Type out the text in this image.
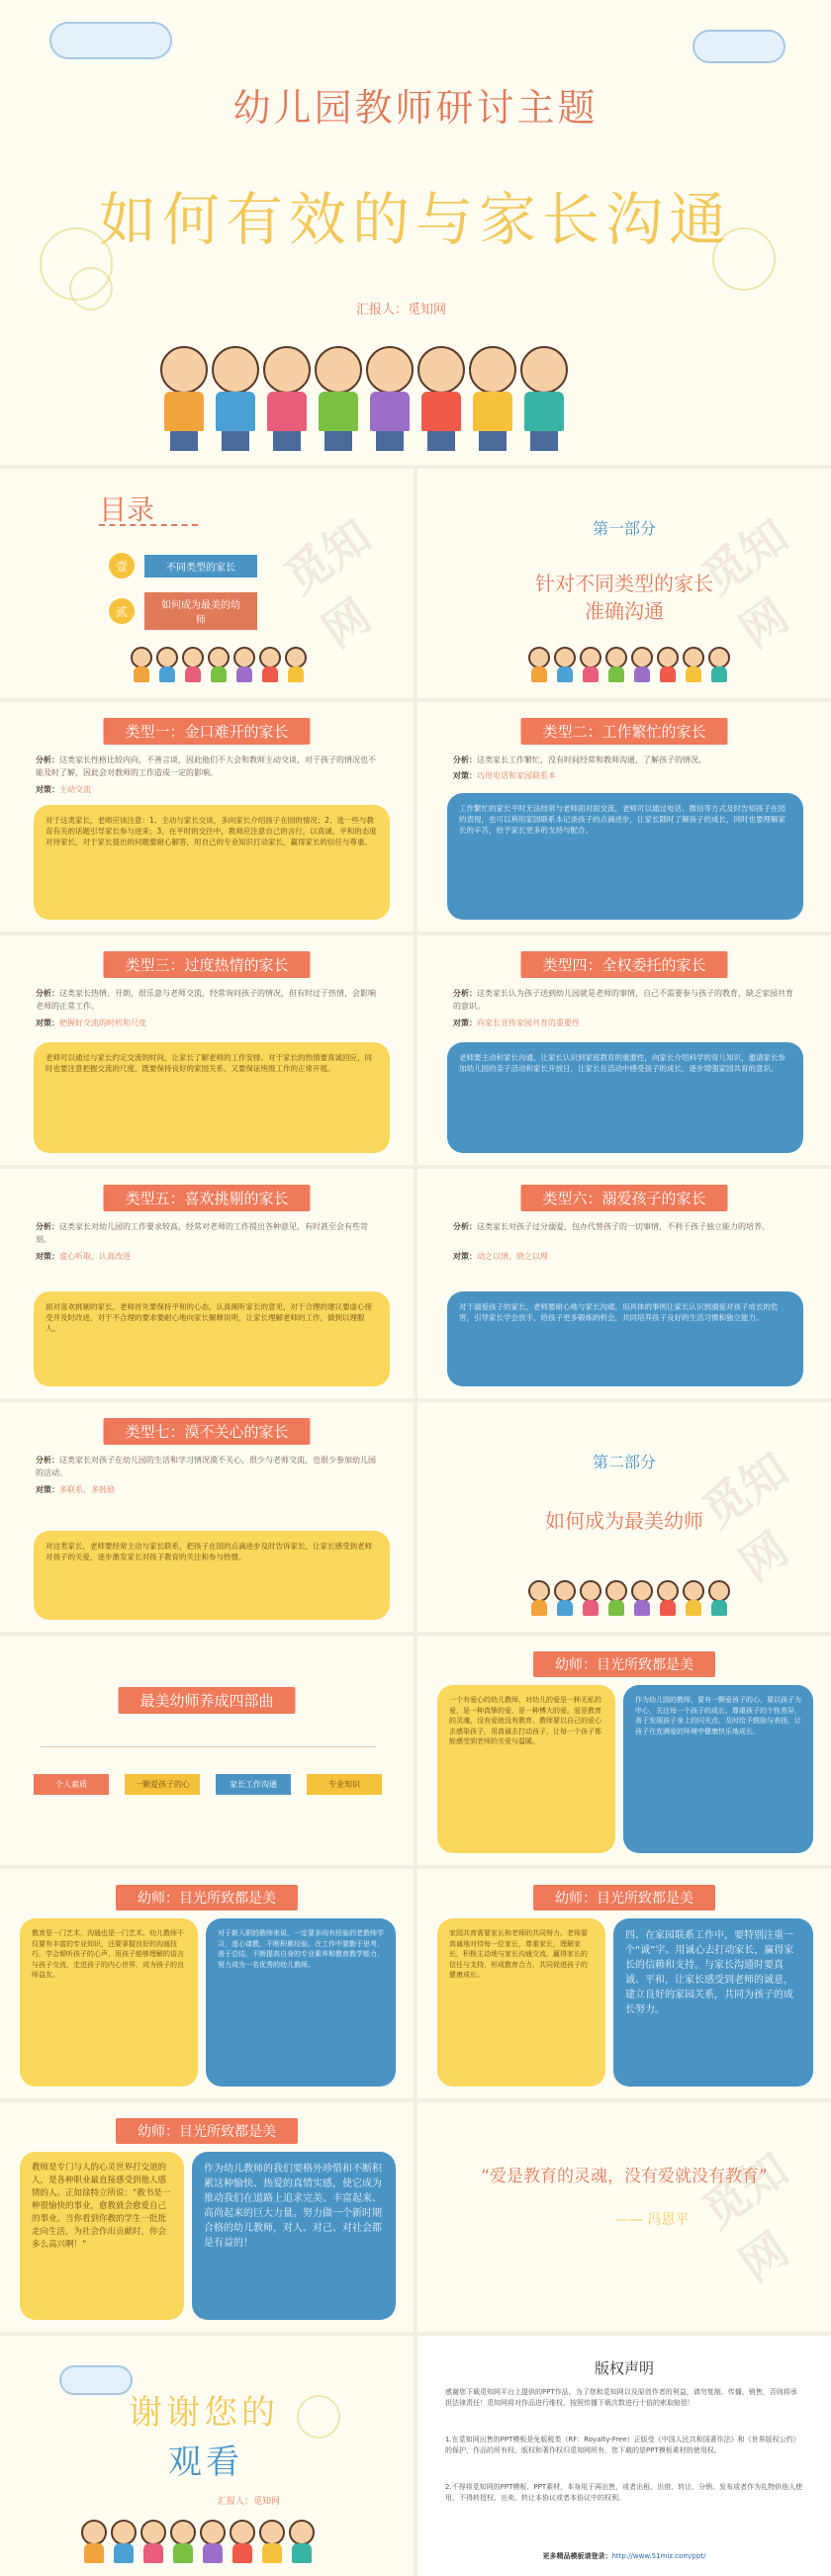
幼儿园教师研讨主题
如何有效的与家长沟通
汇报人：觅知网
觅知网
目录
壹	不同类型的家长
贰	如何成为最美的幼师
觅知网
第一部分
针对不同类型的家长
准确沟通
类型一：金口难开的家长
分析：这类家长性格比较内向，不善言谈，因此他们不大会和教师主动交谈，对于孩子的情况也不能及时了解，因此会对教师的工作造成一定的影响。
对策：主动交流
对于这类家长，老师应该注意：1、主动与家长交谈，多向家长介绍孩子在园的情况；2、选一些与教育有关的话题引导家长参与进来；3、在平时的交往中，教师应注意自己的言行，以真诚、平和的态度对待家长，对于家长提出的问题要耐心解答，用自己的专业知识打动家长，赢得家长的信任与尊重。
类型二：工作繁忙的家长
分析：这类家长工作繁忙，没有时间经常和教师沟通，了解孩子的情况。
对策：巧用电话和家园联系本
工作繁忙的家长平时无法经常与老师面对面交流，老师可以通过电话、微信等方式及时告知孩子在园的表现，也可以利用家园联系本记录孩子的点滴进步，让家长随时了解孩子的成长，同时也要理解家长的辛苦，给予家长更多的支持与配合。
类型三：过度热情的家长
分析：这类家长热情、开朗，很乐意与老师交流，经常询问孩子的情况，但有时过于热情，会影响老师的正常工作。
对策：把握好交流的时机和尺度
老师可以通过与家长约定交流的时间，让家长了解老师的工作安排。对于家长的热情要真诚回应，同时也要注意把握交流的尺度，既要保持良好的家园关系，又要保证班级工作的正常开展。
类型四：全权委托的家长
分析：这类家长认为孩子送到幼儿园就是老师的事情，自己不需要参与孩子的教育，缺乏家园共育的意识。
对策：向家长宣传家园共育的重要性
老师要主动和家长沟通，让家长认识到家庭教育的重要性，向家长介绍科学的育儿知识，邀请家长参加幼儿园的亲子活动和家长开放日，让家长在活动中感受孩子的成长，逐步增强家园共育的意识。
类型五：喜欢挑剔的家长
分析：这类家长对幼儿园的工作要求较高，经常对老师的工作提出各种意见，有时甚至会有些苛刻。
对策：虚心听取，认真改进
面对喜欢挑剔的家长，老师首先要保持平和的心态，认真倾听家长的意见，对于合理的建议要虚心接受并及时改进，对于不合理的要求要耐心地向家长解释说明，让家长理解老师的工作，做到以理服人。
类型六：溺爱孩子的家长
分析：这类家长对孩子过分溺爱，包办代替孩子的一切事情，不利于孩子独立能力的培养。
对策：动之以情，晓之以理
对于溺爱孩子的家长，老师要耐心地与家长沟通，用具体的事例让家长认识到溺爱对孩子成长的危害，引导家长学会放手，给孩子更多锻炼的机会，共同培养孩子良好的生活习惯和独立能力。
类型七：漠不关心的家长
分析：这类家长对孩子在幼儿园的生活和学习情况漠不关心，很少与老师交流，也很少参加幼儿园的活动。
对策：多联系，多鼓励
对这类家长，老师要经常主动与家长联系，把孩子在园的点滴进步及时告诉家长，让家长感受到老师对孩子的关爱，逐步激发家长对孩子教育的关注和参与热情。
觅知网
第二部分
如何成为最美幼师
最美幼师养成四部曲
个人素质	一颗爱孩子的心	家长工作沟通	专业知识
幼师：目光所致都是美
一个有爱心的幼儿教师，对幼儿的爱是一种无私的爱，是一种真挚的爱，是一种博大的爱。爱是教育的灵魂，没有爱就没有教育。教师要以自己的爱心去感染孩子，用真诚去打动孩子，让每一个孩子都能感受到老师的关爱与温暖。
作为幼儿园的教师，要有一颗爱孩子的心，要以孩子为中心，关注每一个孩子的成长，尊重孩子的个性差异，善于发现孩子身上的闪光点，及时给予鼓励与表扬，让孩子在充满爱的环境中健康快乐地成长。
幼师：目光所致都是美
教育是一门艺术，沟通也是一门艺术。幼儿教师不仅要有丰富的专业知识，还要掌握良好的沟通技巧，学会倾听孩子的心声，用孩子能够理解的语言与孩子交流，走进孩子的内心世界，成为孩子的良师益友。
对于新入职的教师来说，一定要多向有经验的老教师学习，虚心请教，不断积累经验。在工作中要勤于思考，善于总结，不断提高自身的专业素养和教育教学能力，努力成为一名优秀的幼儿教师。
幼师：目光所致都是美
家园共育需要家长和老师的共同努力。老师要真诚地对待每一位家长，尊重家长，理解家长，积极主动地与家长沟通交流，赢得家长的信任与支持，形成教育合力，共同促进孩子的健康成长。
四、在家园联系工作中，要特别注重一个“诚”字。用诚心去打动家长，赢得家长的信赖和支持。与家长沟通时要真诚、平和，让家长感受到老师的诚意，建立良好的家园关系，共同为孩子的成长努力。
幼师：目光所致都是美
教师是专门与人的心灵世界打交道的人，是各种职业最直接感受到他人感情的人。正如徐特立所说：“教书是一种很愉快的事业，愈教就会愈爱自己的事业。当你看到你教的学生一批批走向生活，为社会作出贡献时，你会多么高兴啊！”
作为幼儿教师的我们要格外珍惜和不断积累这种愉快、热爱的真情实感，使它成为推动我们在道路上追求完美、丰富起来、高尚起来的巨大力量。努力做一个新时期合格的幼儿教师，对人、对己、对社会都是有益的！
觅知网
“爱是教育的灵魂，没有爱就没有教育”
—— 冯恩平
谢谢您的
观看
汇报人：觅知网
版权声明
感谢您下载觅知网平台上提供的PPT作品，为了您和觅知网以及原创作者的利益，请勿复制、传播、销售，否则将承担法律责任！觅知网将对作品进行维权，按照传播下载次数进行十倍的索取赔偿！
1.在觅知网出售的PPT模板是免版税类（RF：Royalty-Free）正版受《中国人民共和国著作法》和《世界版权公约》的保护，作品的所有权、版权和著作权归觅知网所有，您下载的是PPT模板素材的使用权。
2.不得将觅知网的PPT模板、PPT素材，本身用于再出售，或者出租、出借、转让、分销、发布或者作为礼物供他人使用，不得转授权、出卖、转让本协议或者本协议中的权利。
更多精品模板请登录：http://www.51miz.com/ppt/
